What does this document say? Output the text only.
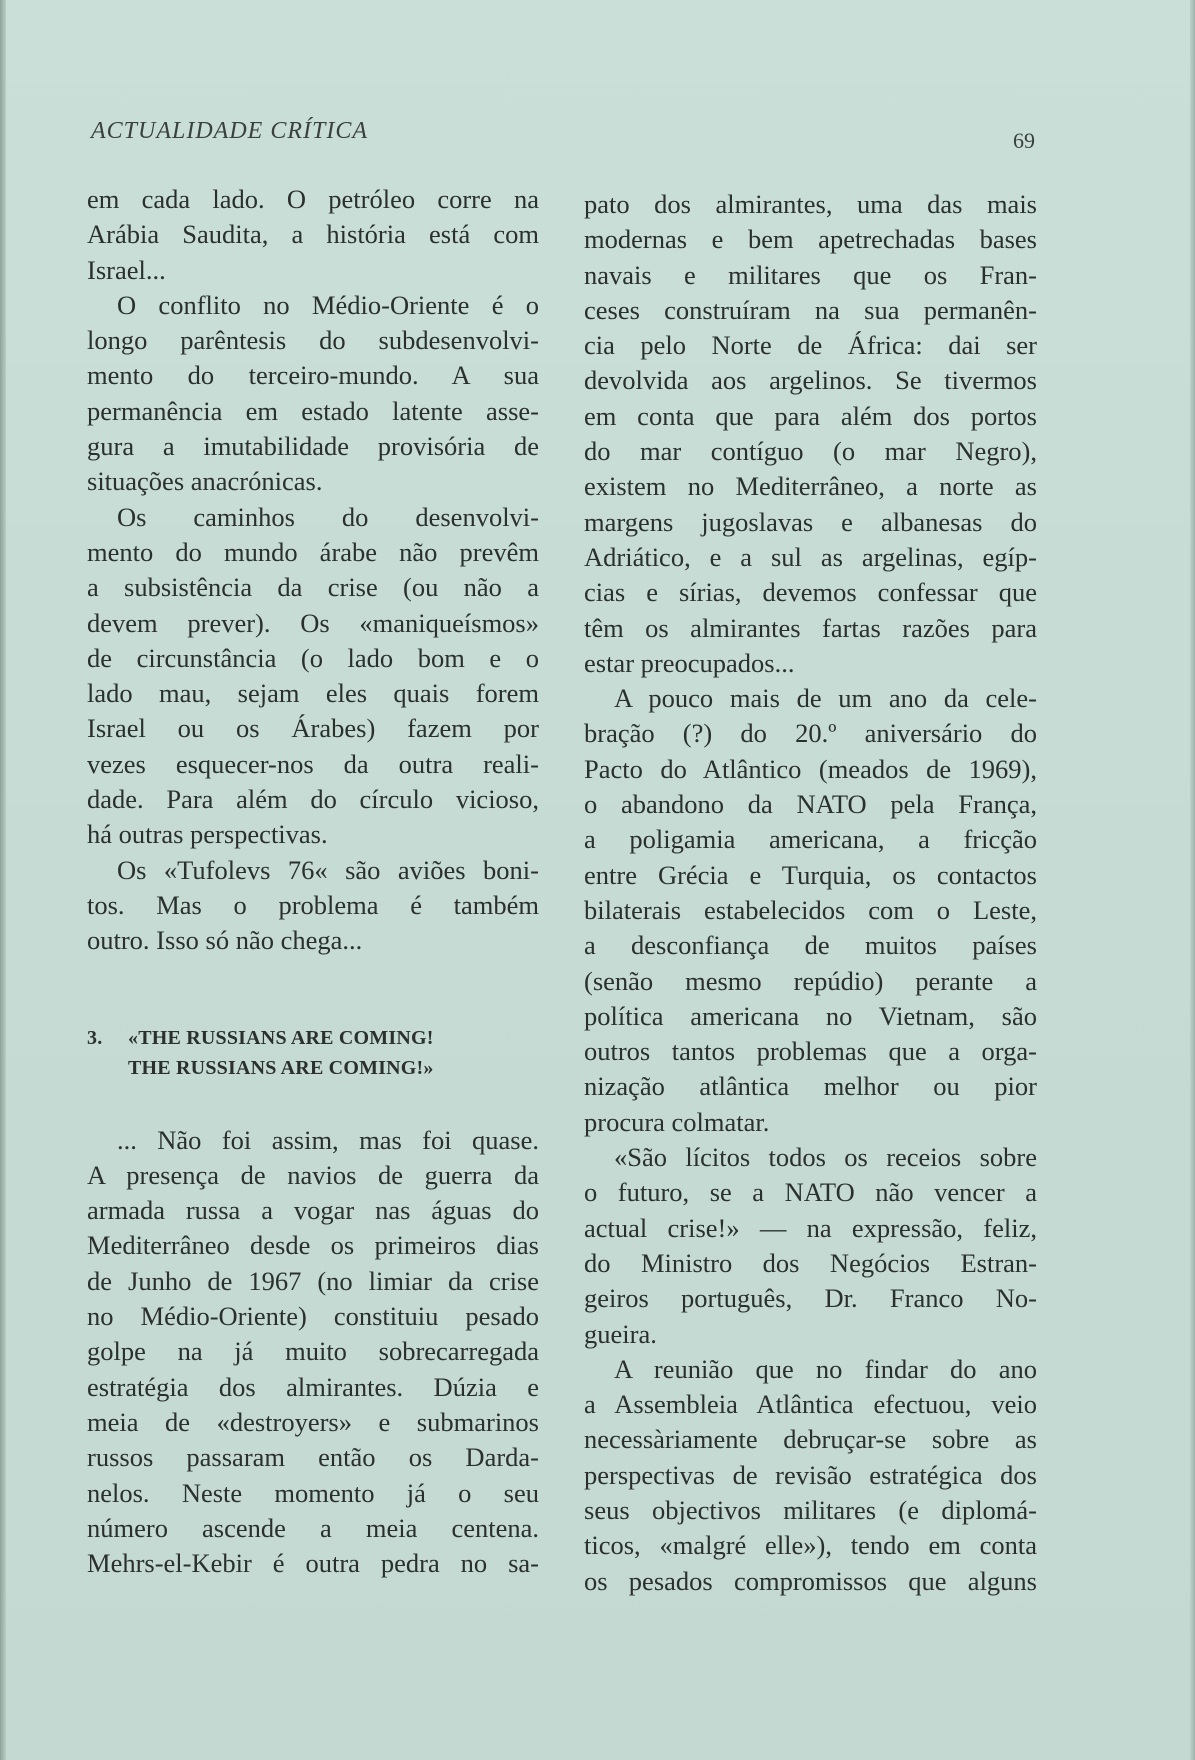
ACTUALIDADE CRÍTICA	69
em cada lado. O petróleo corre na
Arábia Saudita, a história está com
Israel...
O conflito no Médio-Oriente é o
longo parêntesis do subdesenvolvi-
mento do terceiro-mundo. A sua
permanência em estado latente asse-
gura a imutabilidade provisória de
situações anacrónicas.
Os caminhos do desenvolvi-
mento do mundo árabe não prevêm
a subsistência da crise (ou não a
devem prever). Os «maniqueísmos»
de circunstância (o lado bom e o
lado mau, sejam eles quais forem
Israel ou os Árabes) fazem por
vezes esquecer-nos da outra reali-
dade. Para além do círculo vicioso,
há outras perspectivas.
Os «Tufolevs 76« são aviões boni-
tos. Mas o problema é também
outro. Isso só não chega...
3. «THE RUSSIANS ARE COMING!
THE RUSSIANS ARE COMING!»
... Não foi assim, mas foi quase.
A presença de navios de guerra da
armada russa a vogar nas águas do
Mediterrâneo desde os primeiros dias
de Junho de 1967 (no limiar da crise
no Médio-Oriente) constituiu pesado
golpe na já muito sobrecarregada
estratégia dos almirantes. Dúzia e
meia de «destroyers» e submarinos
russos passaram então os Darda-
nelos. Neste momento já o seu
número ascende a meia centena.
Mehrs-el-Kebir é outra pedra no sa-
pato dos almirantes, uma das mais
modernas e bem apetrechadas bases
navais e militares que os Fran-
ceses construíram na sua permanên-
cia pelo Norte de África: dai ser
devolvida aos argelinos. Se tivermos
em conta que para além dos portos
do mar contíguo (o mar Negro),
existem no Mediterrâneo, a norte as
margens jugoslavas e albanesas do
Adriático, e a sul as argelinas, egíp-
cias e sírias, devemos confessar que
têm os almirantes fartas razões para
estar preocupados...
A pouco mais de um ano da cele-
bração (?) do 20.º aniversário do
Pacto do Atlântico (meados de 1969),
o abandono da NATO pela França,
a poligamia americana, a fricção
entre Grécia e Turquia, os contactos
bilaterais estabelecidos com o Leste,
a desconfiança de muitos países
(senão mesmo repúdio) perante a
política americana no Vietnam, são
outros tantos problemas que a orga-
nização atlântica melhor ou pior
procura colmatar.
«São lícitos todos os receios sobre
o futuro, se a NATO não vencer a
actual crise!» — na expressão, feliz,
do Ministro dos Negócios Estran-
geiros português, Dr. Franco No-
gueira.
A reunião que no findar do ano
a Assembleia Atlântica efectuou, veio
necessàriamente debruçar-se sobre as
perspectivas de revisão estratégica dos
seus objectivos militares (e diplomá-
ticos, «malgré elle»), tendo em conta
os pesados compromissos que alguns
